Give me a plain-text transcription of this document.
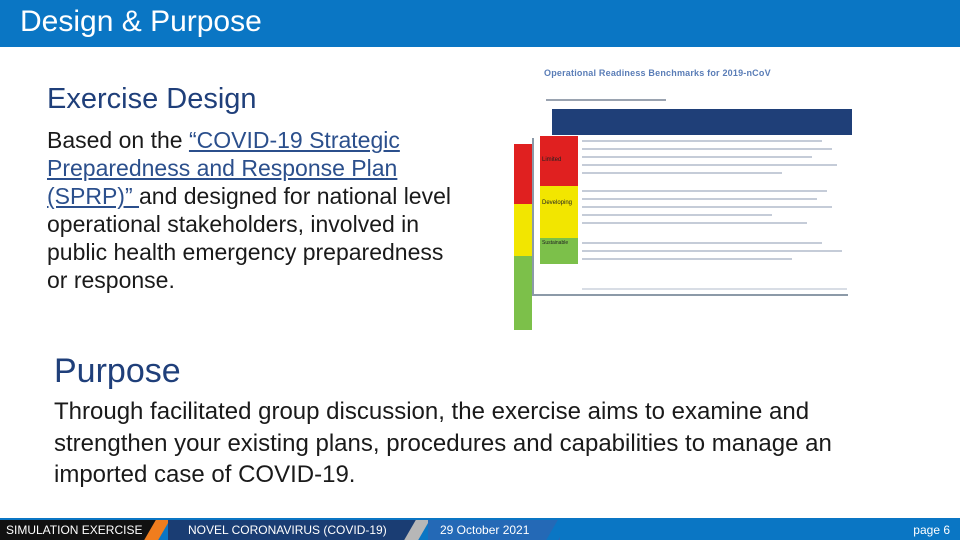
Design & Purpose
Exercise Design
Based on the “COVID-19 Strategic Preparedness and Response Plan (SPRP)” and designed for national level operational stakeholders, involved in public health emergency preparedness or response.
Operational Readiness Benchmarks for 2019-nCoV
Limited
Developing
Sustainable
Purpose
Through facilitated group discussion, the exercise aims to examine and strengthen your existing plans, procedures and capabilities to manage an imported case of COVID-19.
SIMULATION EXERCISE	NOVEL CORONAVIRUS (COVID-19)	29 October 2021	page 6
